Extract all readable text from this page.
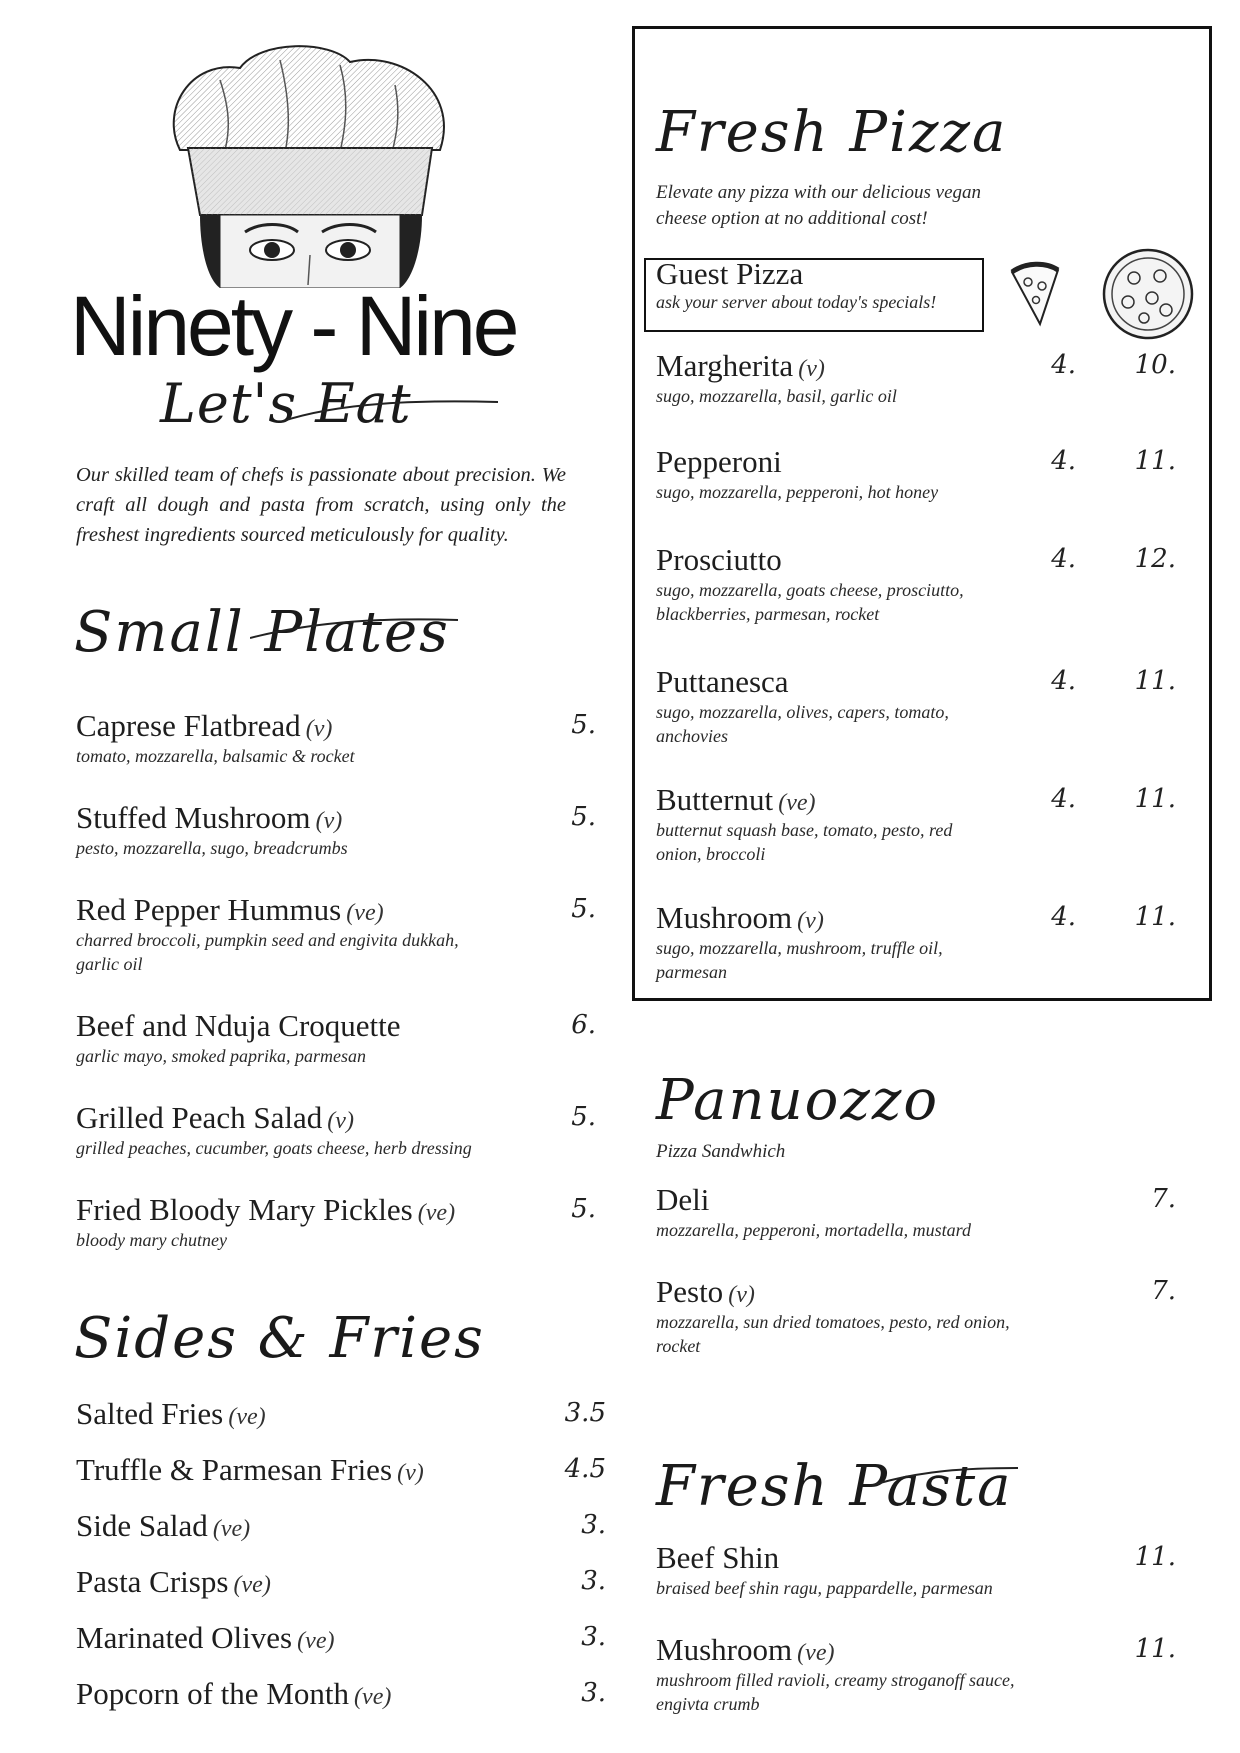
Ninety - Nine
Let's Eat
Our skilled team of chefs is passionate about precision. We craft all dough and pasta from scratch, using only the freshest ingredients sourced meticulously for quality.
Small Plates
Caprese Flatbread (v)
tomato, mozzarella, balsamic & rocket
5.
Stuffed Mushroom (v)
pesto, mozzarella, sugo, breadcrumbs
5.
Red Pepper Hummus (ve)
charred broccoli, pumpkin seed and engivita dukkah, garlic oil
5.
Beef and Nduja Croquette
garlic mayo, smoked paprika, parmesan
6.
Grilled Peach Salad (v)
grilled peaches, cucumber, goats cheese, herb dressing
5.
Fried Bloody Mary Pickles (ve)
bloody mary chutney
5.
Sides & Fries
Salted Fries (ve)	3.5
Truffle & Parmesan Fries (v)	4.5
Side Salad (ve)	3.
Pasta Crisps (ve)	3.
Marinated Olives (ve)	3.
Popcorn of the Month (ve)	3.
Fresh Pizza
Elevate any pizza with our delicious vegan cheese option at no additional cost!
Guest Pizza
ask your server about today's specials!
Margherita (v)
sugo, mozzarella, basil, garlic oil
4.	10.
Pepperoni
sugo, mozzarella, pepperoni, hot honey
4.	11.
Prosciutto
sugo, mozzarella, goats cheese, prosciutto, blackberries, parmesan, rocket
4.	12.
Puttanesca
sugo, mozzarella, olives, capers, tomato, anchovies
4.	11.
Butternut (ve)
butternut squash base, tomato, pesto, red onion, broccoli
4.	11.
Mushroom (v)
sugo, mozzarella, mushroom, truffle oil, parmesan
4.	11.
Panuozzo
Pizza Sandwhich
Deli
mozzarella, pepperoni, mortadella, mustard
7.
Pesto (v)
mozzarella, sun dried tomatoes, pesto, red onion, rocket
7.
Fresh Pasta
Beef Shin
braised beef shin ragu, pappardelle, parmesan
11.
Mushroom (ve)
mushroom filled ravioli, creamy stroganoff sauce, engivta crumb
11.
